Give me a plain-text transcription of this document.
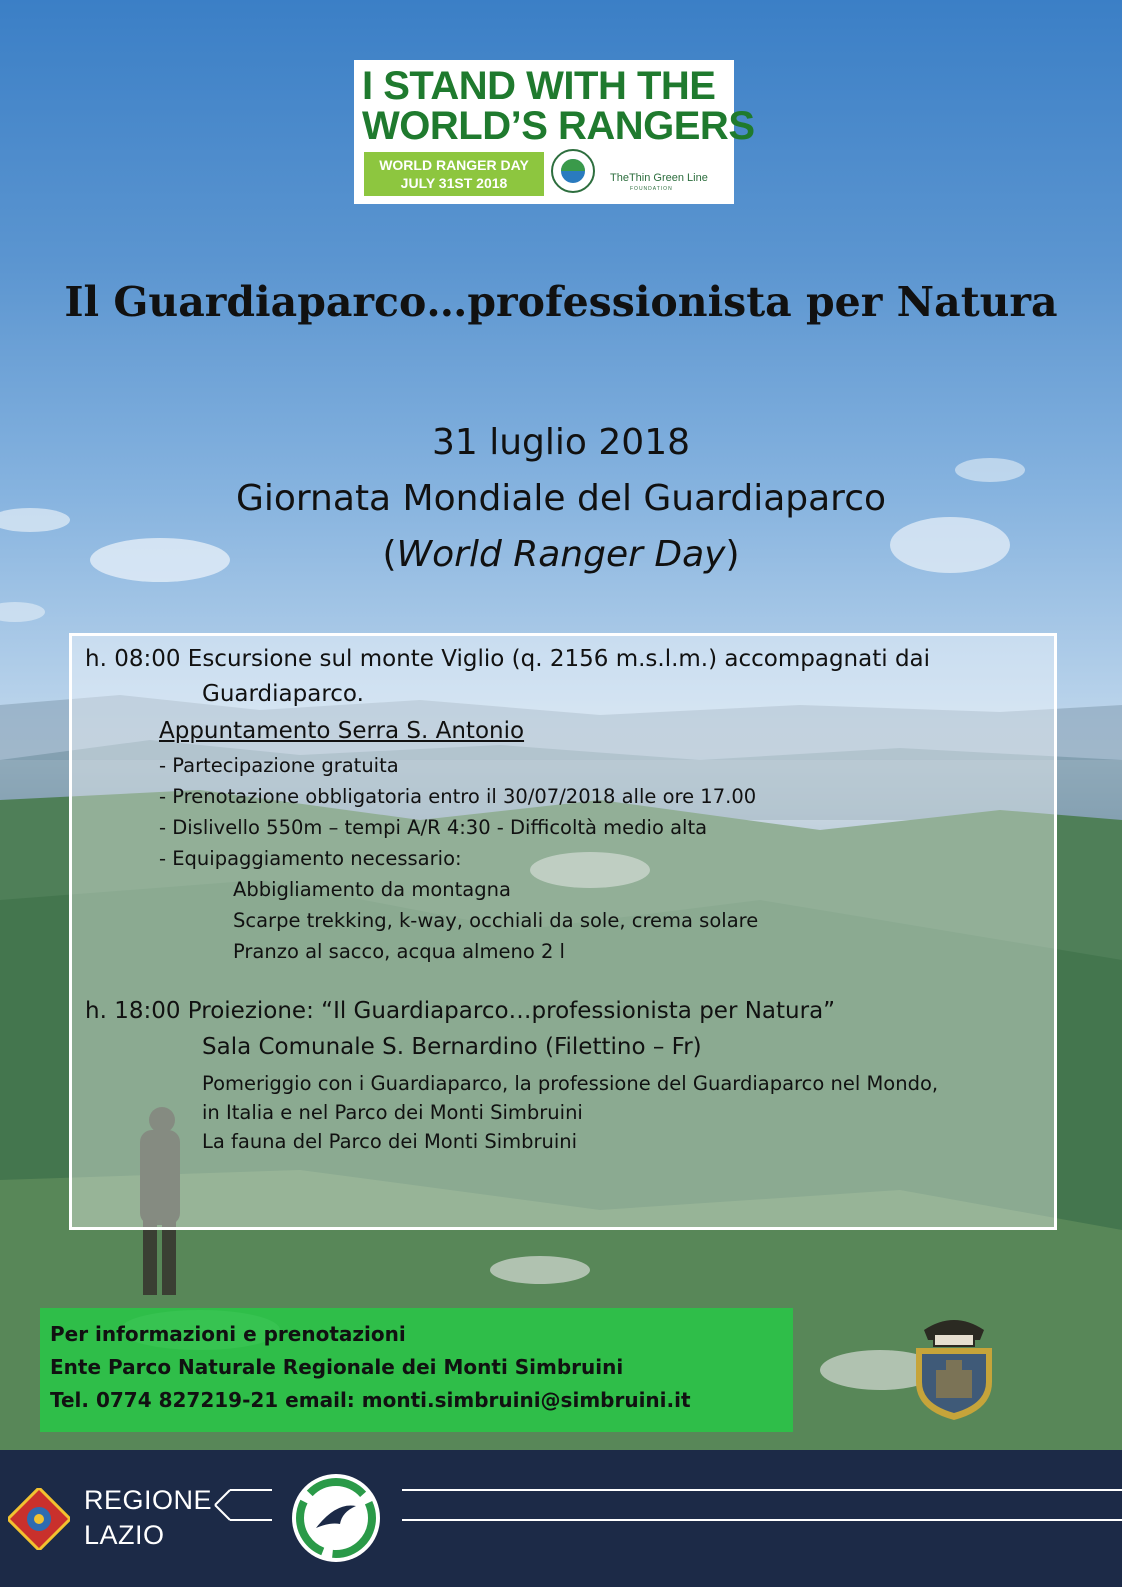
I STAND WITH THE
WORLD’S RANGERS
WORLD RANGER DAY
JULY 31ST 2018	TheThin Green Line
FOUNDATION
Il Guardiaparco…professionista per Natura
31 luglio 2018
Giornata Mondiale del Guardiaparco
(World Ranger Day)
h. 08:00 Escursione sul monte Viglio (q. 2156 m.s.l.m.) accompagnati dai
Guardiaparco.
Appuntamento Serra S. Antonio
- Partecipazione gratuita
- Prenotazione obbligatoria entro il 30/07/2018 alle ore 17.00
- Dislivello 550m – tempi A/R 4:30 - Difficoltà medio alta
- Equipaggiamento necessario:
Abbigliamento da montagna
Scarpe trekking, k-way, occhiali da sole, crema solare
Pranzo al sacco, acqua almeno 2 l
h. 18:00 Proiezione: “Il Guardiaparco…professionista per Natura”
Sala Comunale S. Bernardino (Filettino – Fr)
Pomeriggio con i Guardiaparco, la professione del Guardiaparco nel Mondo,
in Italia e nel Parco dei Monti Simbruini
La fauna del Parco dei Monti Simbruini
Per informazioni e prenotazioni
Ente Parco Naturale Regionale dei Monti Simbruini
Tel. 0774 827219-21 email: monti.simbruini@simbruini.it
REGIONE
LAZIO
